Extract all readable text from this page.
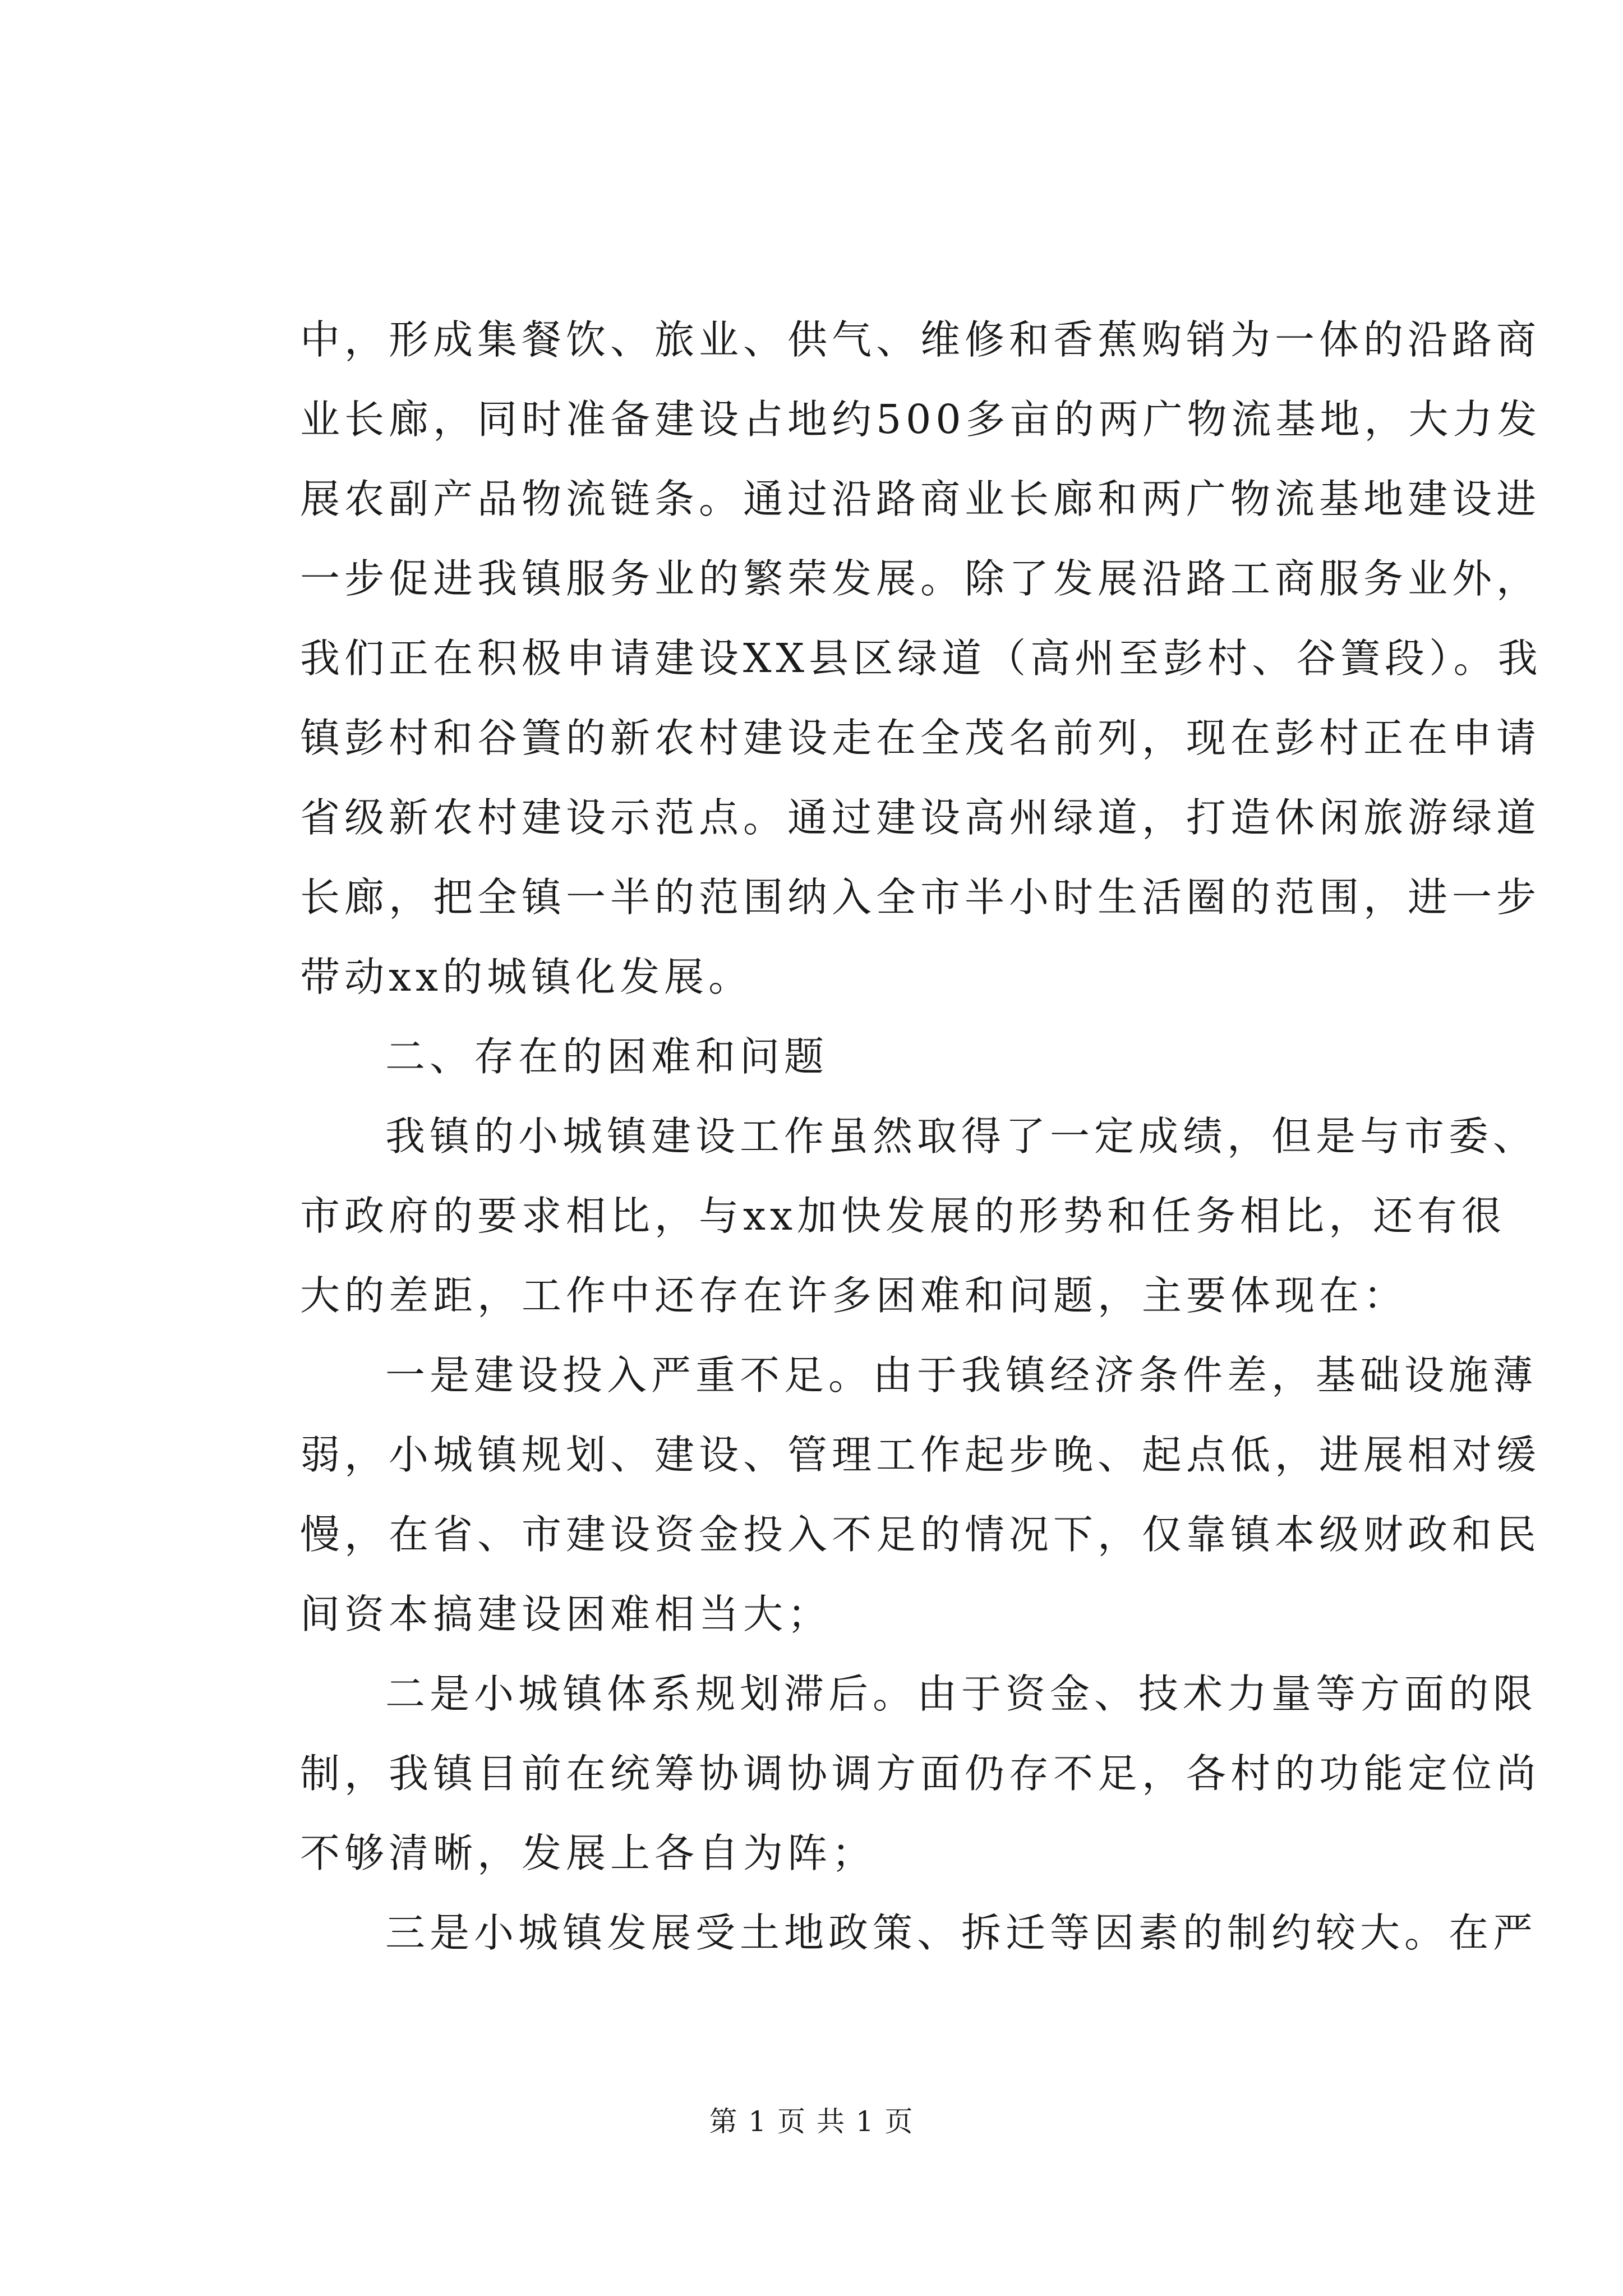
中，形成集餐饮、旅业、供气、维修和香蕉购销为一体的沿路商
业长廊，同时准备建设占地约500多亩的两广物流基地，大力发
展农副产品物流链条。通过沿路商业长廊和两广物流基地建设进
一步促进我镇服务业的繁荣发展。除了发展沿路工商服务业外，
我们正在积极申请建设XX县区绿道（高州至彭村、谷簀段）。我
镇彭村和谷簀的新农村建设走在全茂名前列，现在彭村正在申请
省级新农村建设示范点。通过建设高州绿道，打造休闲旅游绿道
长廊，把全镇一半的范围纳入全市半小时生活圈的范围，进一步
带动xx的城镇化发展。
二、存在的困难和问题
我镇的小城镇建设工作虽然取得了一定成绩，但是与市委、
市政府的要求相比，与xx加快发展的形势和任务相比，还有很
大的差距，工作中还存在许多困难和问题，主要体现在：
一是建设投入严重不足。由于我镇经济条件差，基础设施薄
弱，小城镇规划、建设、管理工作起步晚、起点低，进展相对缓
慢，在省、市建设资金投入不足的情况下，仅靠镇本级财政和民
间资本搞建设困难相当大；
二是小城镇体系规划滞后。由于资金、技术力量等方面的限
制，我镇目前在统筹协调协调方面仍存不足，各村的功能定位尚
不够清晰，发展上各自为阵；
三是小城镇发展受土地政策、拆迁等因素的制约较大。在严
第 1 页 共 1 页
